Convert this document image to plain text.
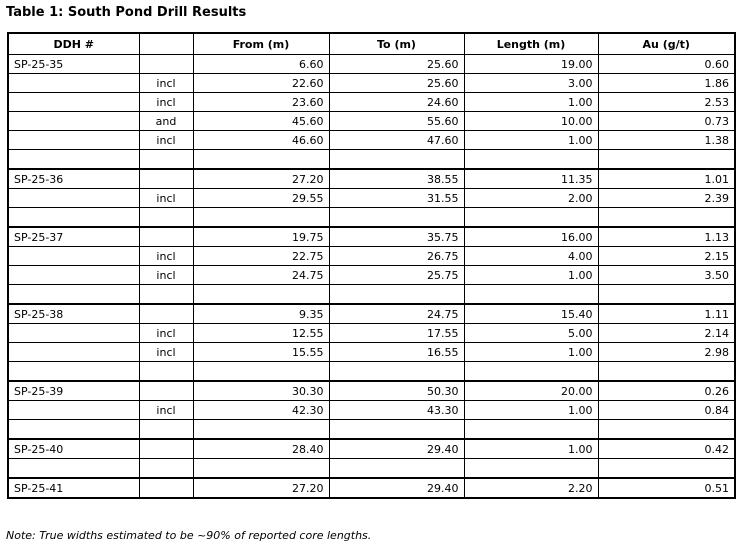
Table 1: South Pond Drill Results
DDH #		From (m)	To (m)	Length (m)	Au (g/t)
SP-25-35		6.60	25.60	19.00	0.60
	incl	22.60	25.60	3.00	1.86
	incl	23.60	24.60	1.00	2.53
	and	45.60	55.60	10.00	0.73
	incl	46.60	47.60	1.00	1.38

SP-25-36		27.20	38.55	11.35	1.01
	incl	29.55	31.55	2.00	2.39

SP-25-37		19.75	35.75	16.00	1.13
	incl	22.75	26.75	4.00	2.15
	incl	24.75	25.75	1.00	3.50

SP-25-38		9.35	24.75	15.40	1.11
	incl	12.55	17.55	5.00	2.14
	incl	15.55	16.55	1.00	2.98

SP-25-39		30.30	50.30	20.00	0.26
	incl	42.30	43.30	1.00	0.84

SP-25-40		28.40	29.40	1.00	0.42

SP-25-41		27.20	29.40	2.20	0.51
Note: True widths estimated to be ~90% of reported core lengths.
